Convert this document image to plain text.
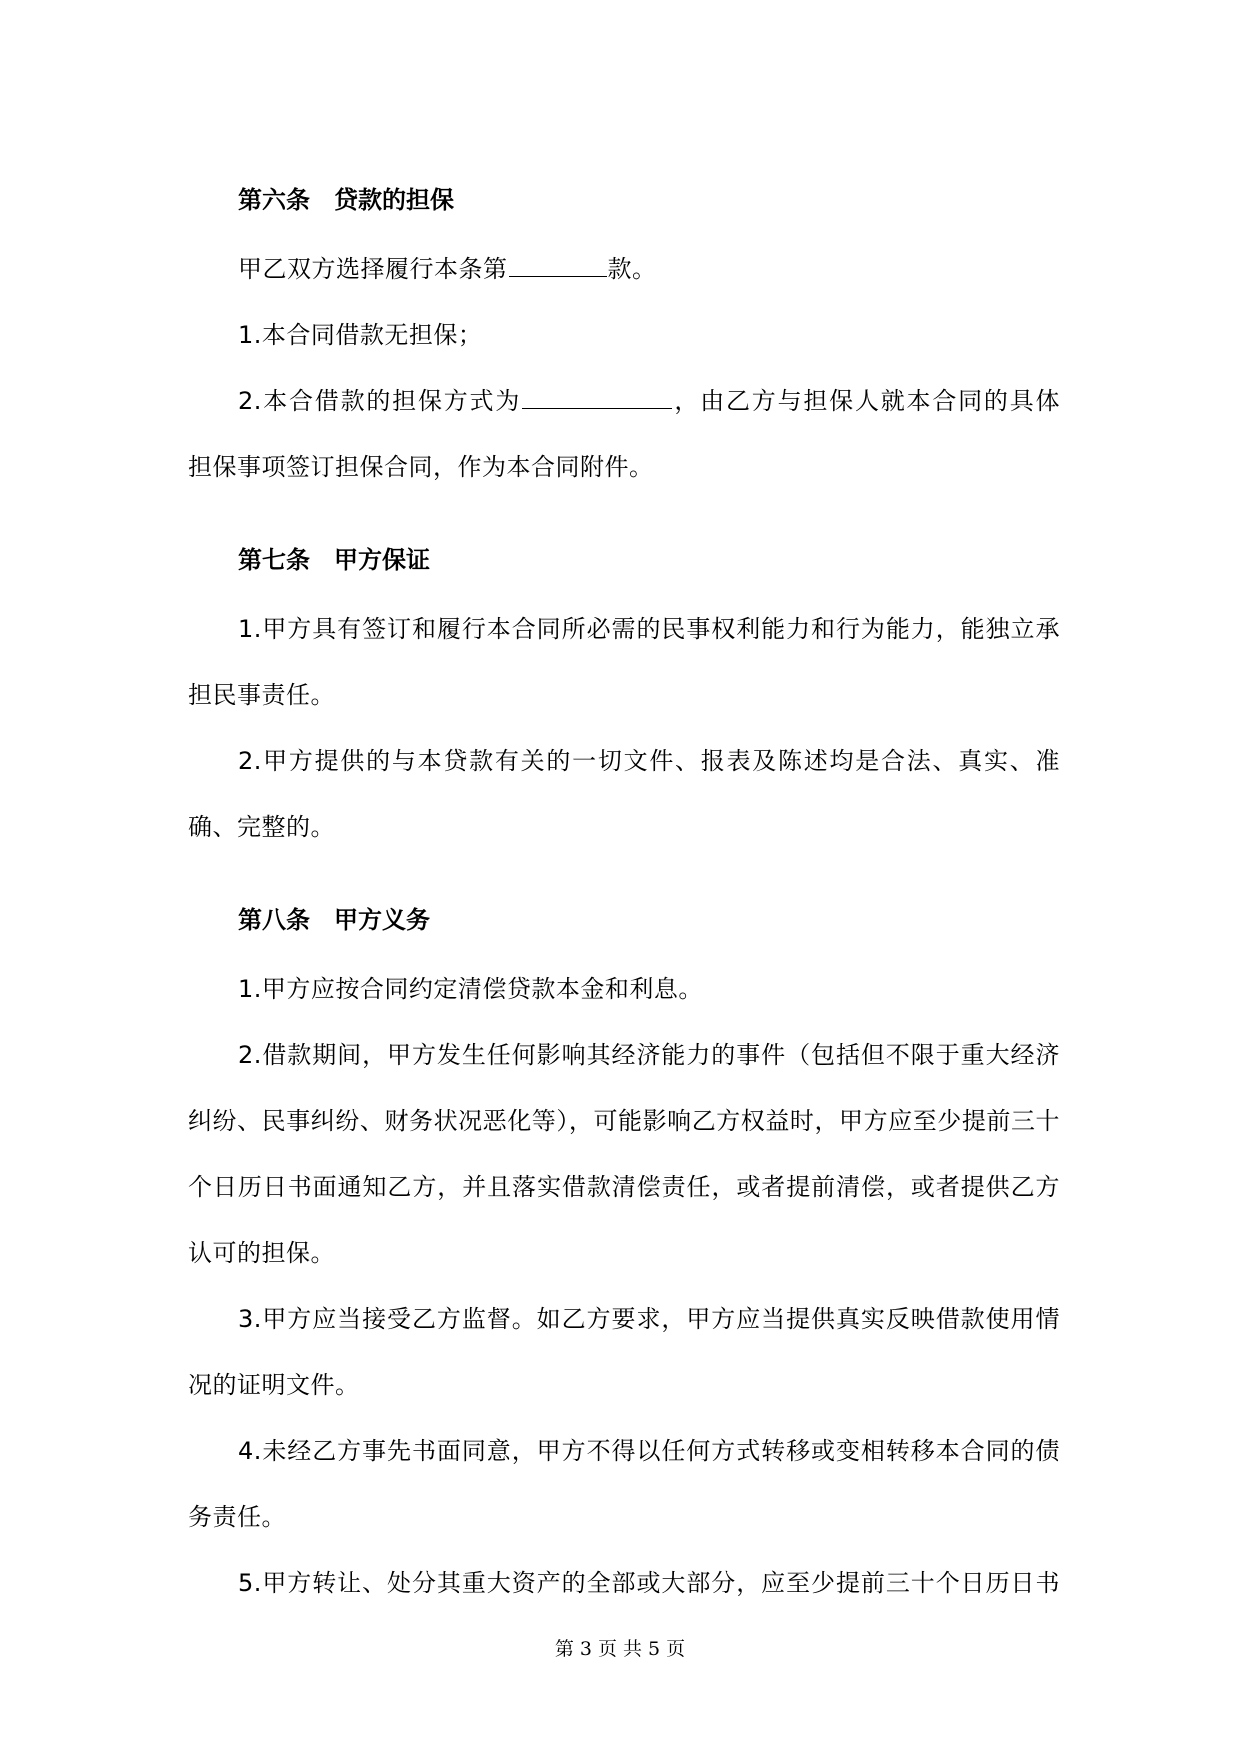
第六条　贷款的担保

甲乙双方选择履行本条第	款。

1.本合同借款无担保；

2.本合借款的担保方式为	，由乙方与担保人就本合同的具体

担保事项签订担保合同，作为本合同附件。

第七条　甲方保证

1.甲方具有签订和履行本合同所必需的民事权利能力和行为能力，能独立承担民事责任。

2.甲方提供的与本贷款有关的一切文件、报表及陈述均是合法、真实、准确、完整的。

第八条　甲方义务

1.甲方应按合同约定清偿贷款本金和利息。

2.借款期间，甲方发生任何影响其经济能力的事件（包括但不限于重大经济纠纷、民事纠纷、财务状况恶化等），可能影响乙方权益时，甲方应至少提前三十个日历日书面通知乙方，并且落实借款清偿责任，或者提前清偿，或者提供乙方认可的担保。

3.甲方应当接受乙方监督。如乙方要求，甲方应当提供真实反映借款使用情况的证明文件。

4.未经乙方事先书面同意，甲方不得以任何方式转移或变相转移本合同的债务责任。

5.甲方转让、处分其重大资产的全部或大部分，应至少提前三十个日历日书

第 3 页 共 5 页
